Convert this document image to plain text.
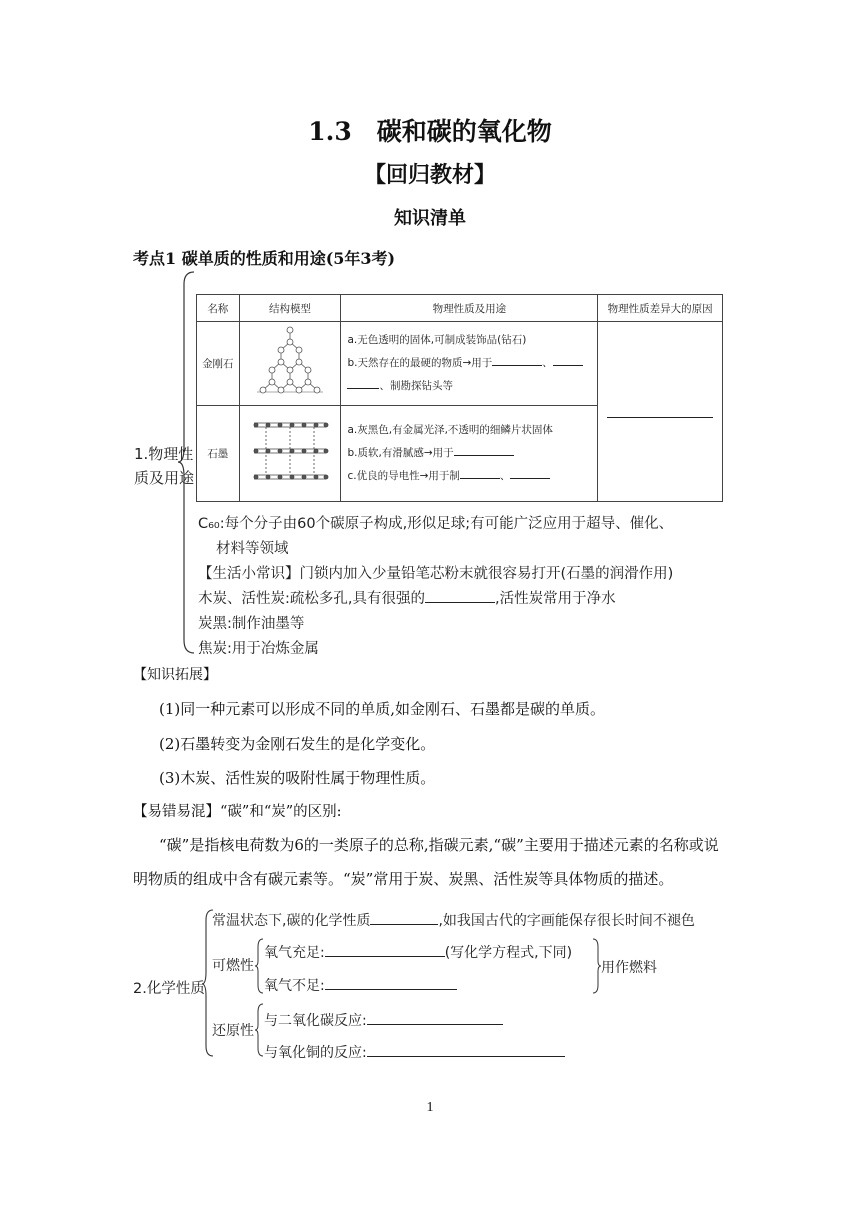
1.3　碳和碳的氧化物
【回归教材】
知识清单
考点1 碳单质的性质和用途(5年3考)
1.物理性
质及用途
名称	结构模型	物理性质及用途	物理性质差异大的原因
金刚石		a.无色透明的固体,可制成装饰品(钻石)
b.天然存在的最硬的物质→用于 、
、制勘探钻头等	

石墨		a.灰黑色,有金属光泽,不透明的细鳞片状固体
b.质软,有滑腻感→用于
c.优良的导电性→用于制 、	
C₆₀:每个分子由60个碳原子构成,形似足球;有可能广泛应用于超导、催化、
材料等领域
【生活小常识】门锁内加入少量铅笔芯粉末就很容易打开(石墨的润滑作用)
木炭、活性炭:疏松多孔,具有很强的	,活性炭常用于净水
炭黑:制作油墨等
焦炭:用于冶炼金属
【知识拓展】
(1)同一种元素可以形成不同的单质,如金刚石、石墨都是碳的单质。
(2)石墨转变为金刚石发生的是化学变化。
(3)木炭、活性炭的吸附性属于物理性质。
【易错易混】“碳”和“炭”的区别:
“碳”是指核电荷数为6的一类原子的总称,指碳元素,“碳”主要用于描述元素的名称或说
明物质的组成中含有碳元素等。“炭”常用于炭、炭黑、活性炭等具体物质的描述。
2.化学性质
常温状态下,碳的化学性质	,如我国古代的字画能保存很长时间不褪色
可燃性
氧气充足:	(写化学方程式,下同)
氧气不足:
用作燃料
还原性
与二氧化碳反应:
与氧化铜的反应:
1
